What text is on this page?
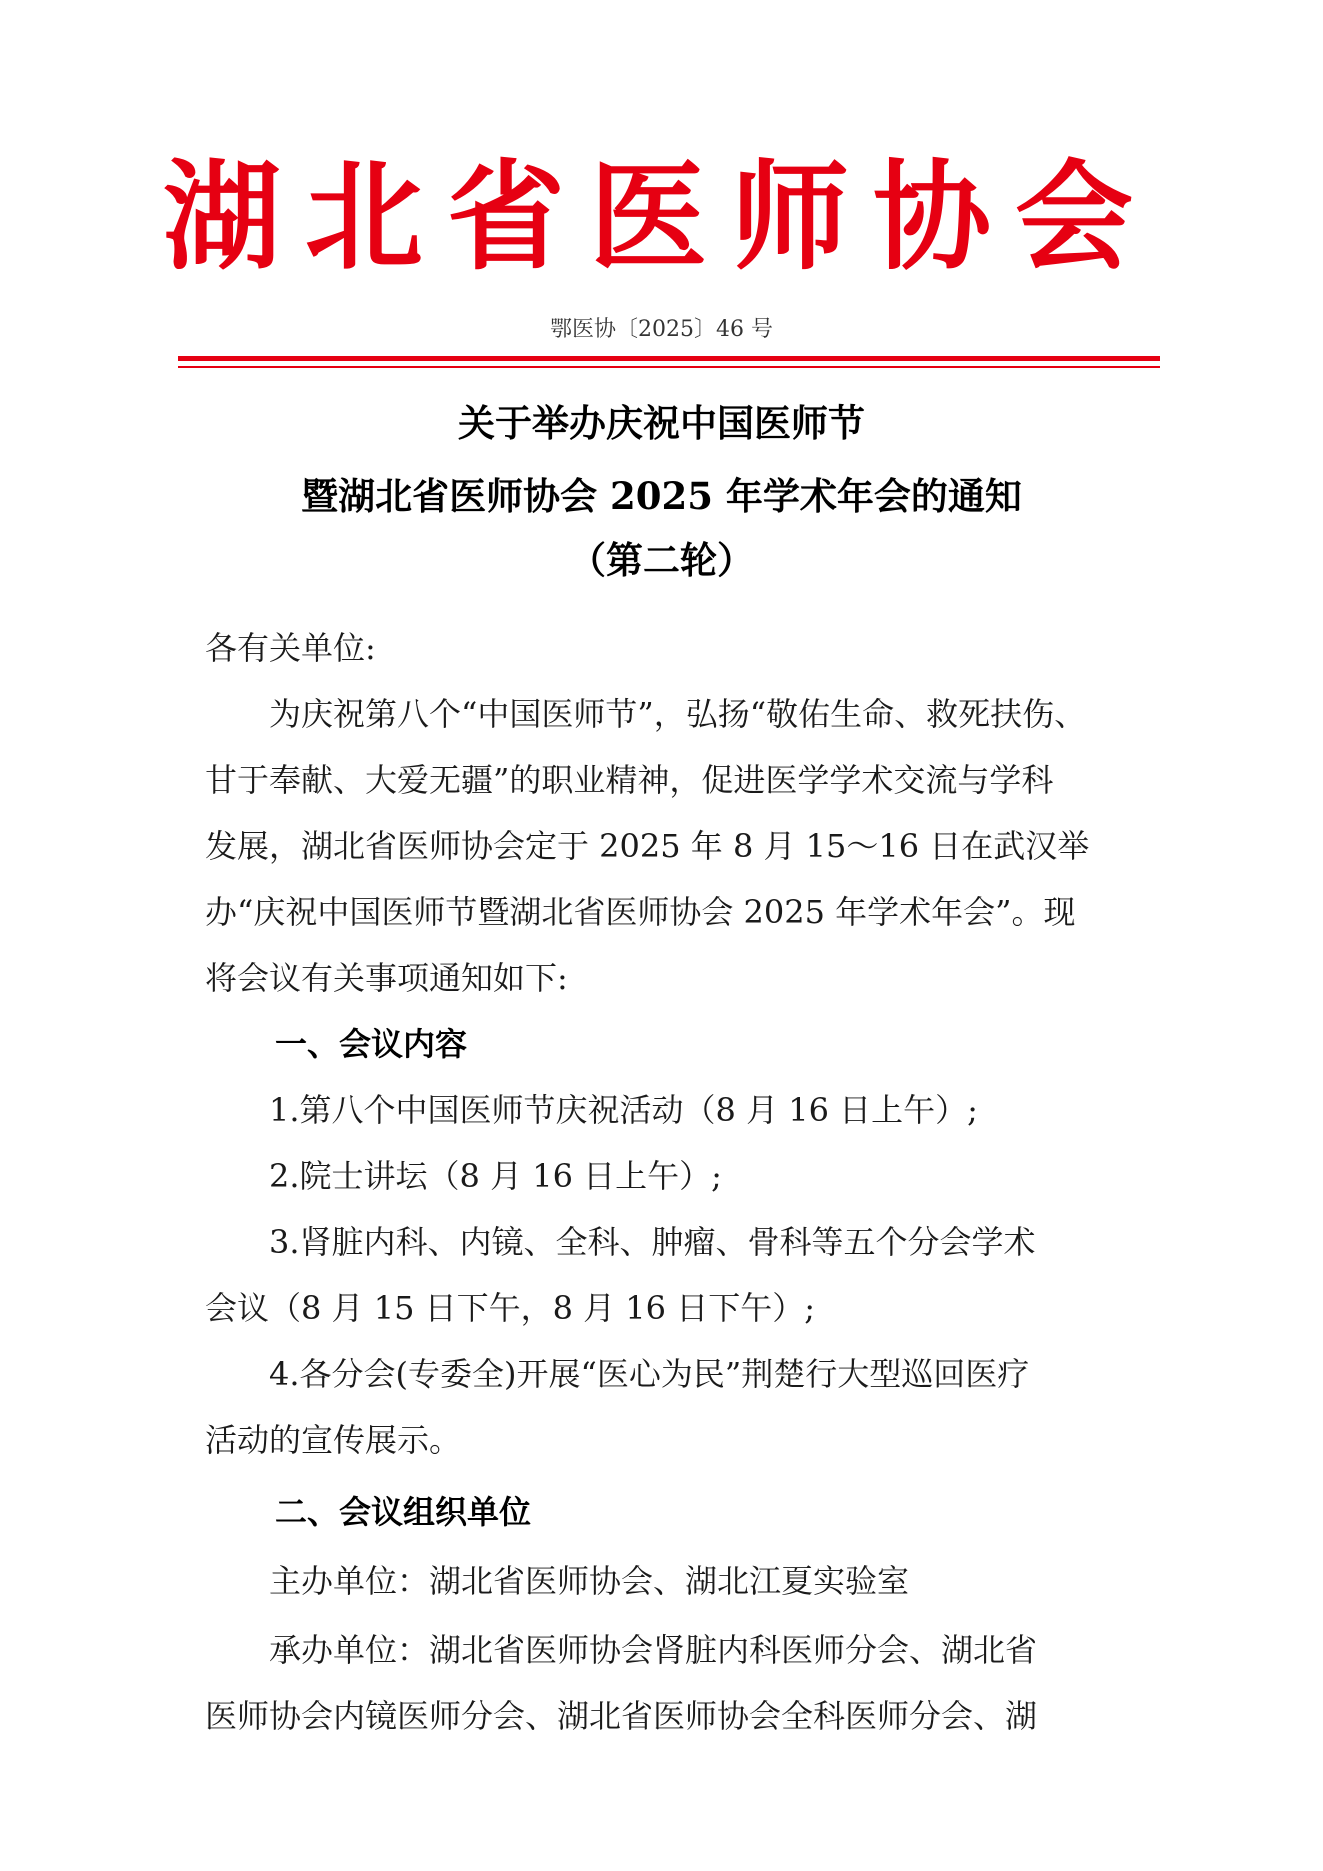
湖北省医师协会
鄂医协〔2025〕46 号
关于举办庆祝中国医师节
暨湖北省医师协会 2025 年学术年会的通知
（第二轮）
各有关单位:
　　为庆祝第八个“中国医师节”，弘扬“敬佑生命、救死扶伤、
甘于奉献、大爱无疆”的职业精神，促进医学学术交流与学科
发展，湖北省医师协会定于 2025 年 8 月 15～16 日在武汉举
办“庆祝中国医师节暨湖北省医师协会 2025 年学术年会”。现
将会议有关事项通知如下:
一、会议内容
　　1.第八个中国医师节庆祝活动（8 月 16 日上午）;
　　2.院士讲坛（8 月 16 日上午）;
　　3.肾脏内科、内镜、全科、肿瘤、骨科等五个分会学术
会议（8 月 15 日下午，8 月 16 日下午）;
　　4.各分会(专委全)开展“医心为民”荆楚行大型巡回医疗
活动的宣传展示。
二、会议组织单位
　　主办单位：湖北省医师协会、湖北江夏实验室
　　承办单位：湖北省医师协会肾脏内科医师分会、湖北省
医师协会内镜医师分会、湖北省医师协会全科医师分会、湖
